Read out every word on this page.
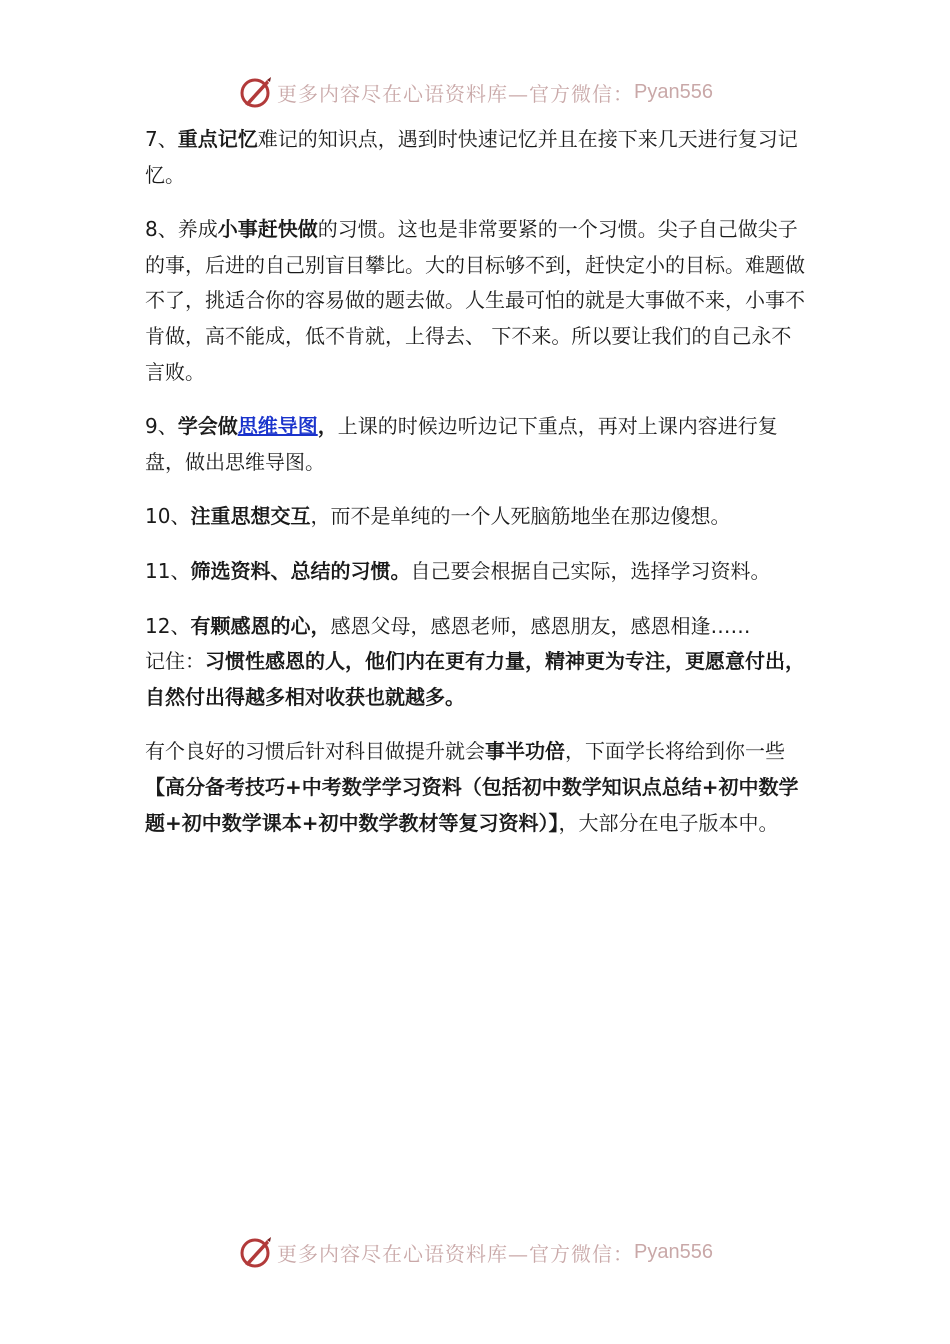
更多内容尽在心语资料库—官方微信： Pyan556

7、重点记忆难记的知识点，遇到时快速记忆并且在接下来几天进行复习记忆。

8、养成小事赶快做的习惯。这也是非常要紧的一个习惯。尖子自己做尖子的事，后进的自己别盲目攀比。大的目标够不到，赶快定小的目标。难题做不了，挑适合你的容易做的题去做。人生最可怕的就是大事做不来，小事不肯做，高不能成，低不肯就，上得去、 下不来。所以要让我们的自己永不言败。

9、学会做思维导图，上课的时候边听边记下重点，再对上课内容进行复盘，做出思维导图。

10、注重思想交互，而不是单纯的一个人死脑筋地坐在那边傻想。

11、筛选资料、总结的习惯。自己要会根据自己实际，选择学习资料。

12、有颗感恩的心，感恩父母，感恩老师，感恩朋友，感恩相逢……
记住：习惯性感恩的人，他们内在更有力量，精神更为专注，更愿意付出，自然付出得越多相对收获也就越多。

有个良好的习惯后针对科目做提升就会事半功倍，下面学长将给到你一些【高分备考技巧+中考数学学习资料（包括初中数学知识点总结+初中数学题+初中数学课本+初中数学教材等复习资料）】，大部分在电子版本中。

更多内容尽在心语资料库—官方微信： Pyan556
